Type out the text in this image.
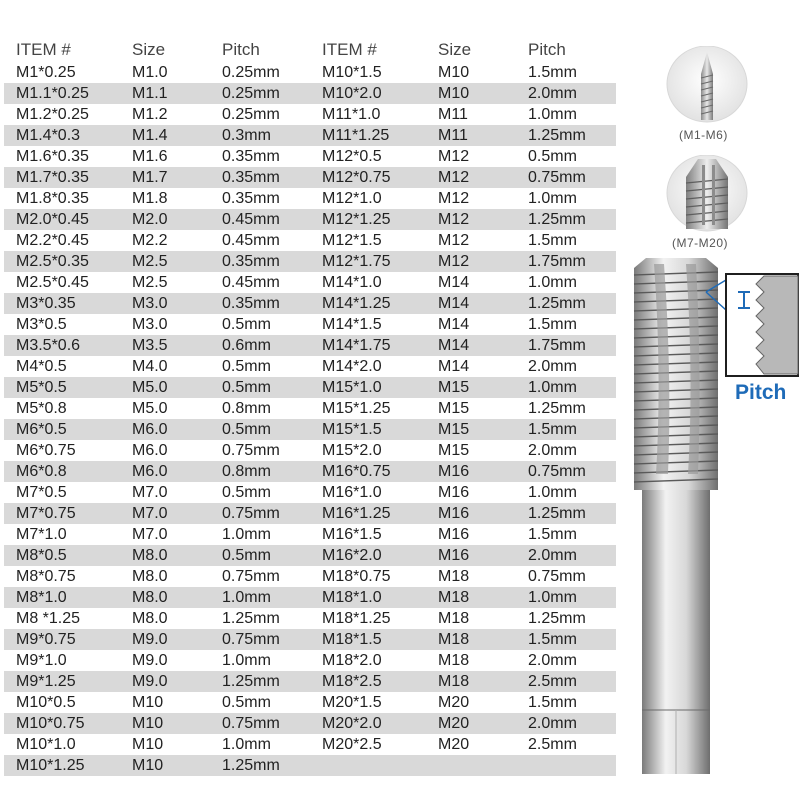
ITEM #	Size	Pitch
M1*0.25	M1.0	0.25mm
M1.1*0.25	M1.1	0.25mm
M1.2*0.25	M1.2	0.25mm
M1.4*0.3	M1.4	0.3mm
M1.6*0.35	M1.6	0.35mm
M1.7*0.35	M1.7	0.35mm
M1.8*0.35	M1.8	0.35mm
M2.0*0.45	M2.0	0.45mm
M2.2*0.45	M2.2	0.45mm
M2.5*0.35	M2.5	0.35mm
M2.5*0.45	M2.5	0.45mm
M3*0.35	M3.0	0.35mm
M3*0.5	M3.0	0.5mm
M3.5*0.6	M3.5	0.6mm
M4*0.5	M4.0	0.5mm
M5*0.5	M5.0	0.5mm
M5*0.8	M5.0	0.8mm
M6*0.5	M6.0	0.5mm
M6*0.75	M6.0	0.75mm
M6*0.8	M6.0	0.8mm
M7*0.5	M7.0	0.5mm
M7*0.75	M7.0	0.75mm
M7*1.0	M7.0	1.0mm
M8*0.5	M8.0	0.5mm
M8*0.75	M8.0	0.75mm
M8*1.0	M8.0	1.0mm
M8 *1.25	M8.0	1.25mm
M9*0.75	M9.0	0.75mm
M9*1.0	M9.0	1.0mm
M9*1.25	M9.0	1.25mm
M10*0.5	M10	0.5mm
M10*0.75	M10	0.75mm
M10*1.0	M10	1.0mm
M10*1.25	M10	1.25mm
ITEM #	Size	Pitch
M10*1.5	M10	1.5mm
M10*2.0	M10	2.0mm
M11*1.0	M11	1.0mm
M11*1.25	M11	1.25mm
M12*0.5	M12	0.5mm
M12*0.75	M12	0.75mm
M12*1.0	M12	1.0mm
M12*1.25	M12	1.25mm
M12*1.5	M12	1.5mm
M12*1.75	M12	1.75mm
M14*1.0	M14	1.0mm
M14*1.25	M14	1.25mm
M14*1.5	M14	1.5mm
M14*1.75	M14	1.75mm
M14*2.0	M14	2.0mm
M15*1.0	M15	1.0mm
M15*1.25	M15	1.25mm
M15*1.5	M15	1.5mm
M15*2.0	M15	2.0mm
M16*0.75	M16	0.75mm
M16*1.0	M16	1.0mm
M16*1.25	M16	1.25mm
M16*1.5	M16	1.5mm
M16*2.0	M16	2.0mm
M18*0.75	M18	0.75mm
M18*1.0	M18	1.0mm
M18*1.25	M18	1.25mm
M18*1.5	M18	1.5mm
M18*2.0	M18	2.0mm
M18*2.5	M18	2.5mm
M20*1.5	M20	1.5mm
M20*2.0	M20	2.0mm
M20*2.5	M20	2.5mm
(M1-M6)
(M7-M20)
Pitch
